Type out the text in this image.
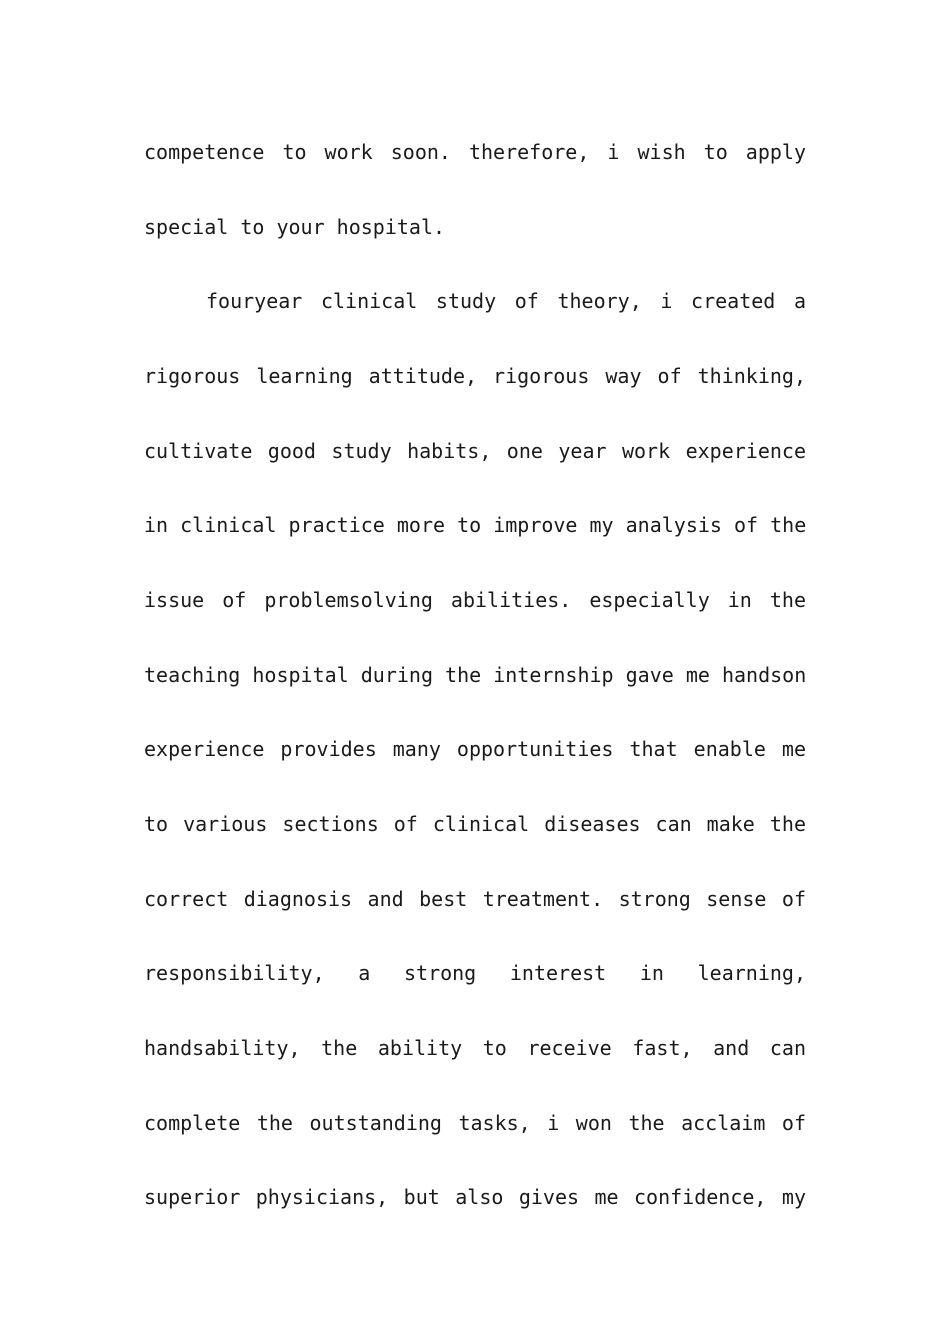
competence to work soon. therefore, i wish to apply
special to your hospital.
fouryear clinical study of theory, i created a
rigorous learning attitude, rigorous way of thinking,
cultivate good study habits, one year work experience
in clinical practice more to improve my analysis of the
issue of problemsolving abilities. especially in the
teaching hospital during the internship gave me handson
experience provides many opportunities that enable me
to various sections of clinical diseases can make the
correct diagnosis and best treatment. strong sense of
responsibility, a strong interest in learning,
handsability, the ability to receive fast, and can
complete the outstanding tasks, i won the acclaim of
superior physicians, but also gives me confidence, my
